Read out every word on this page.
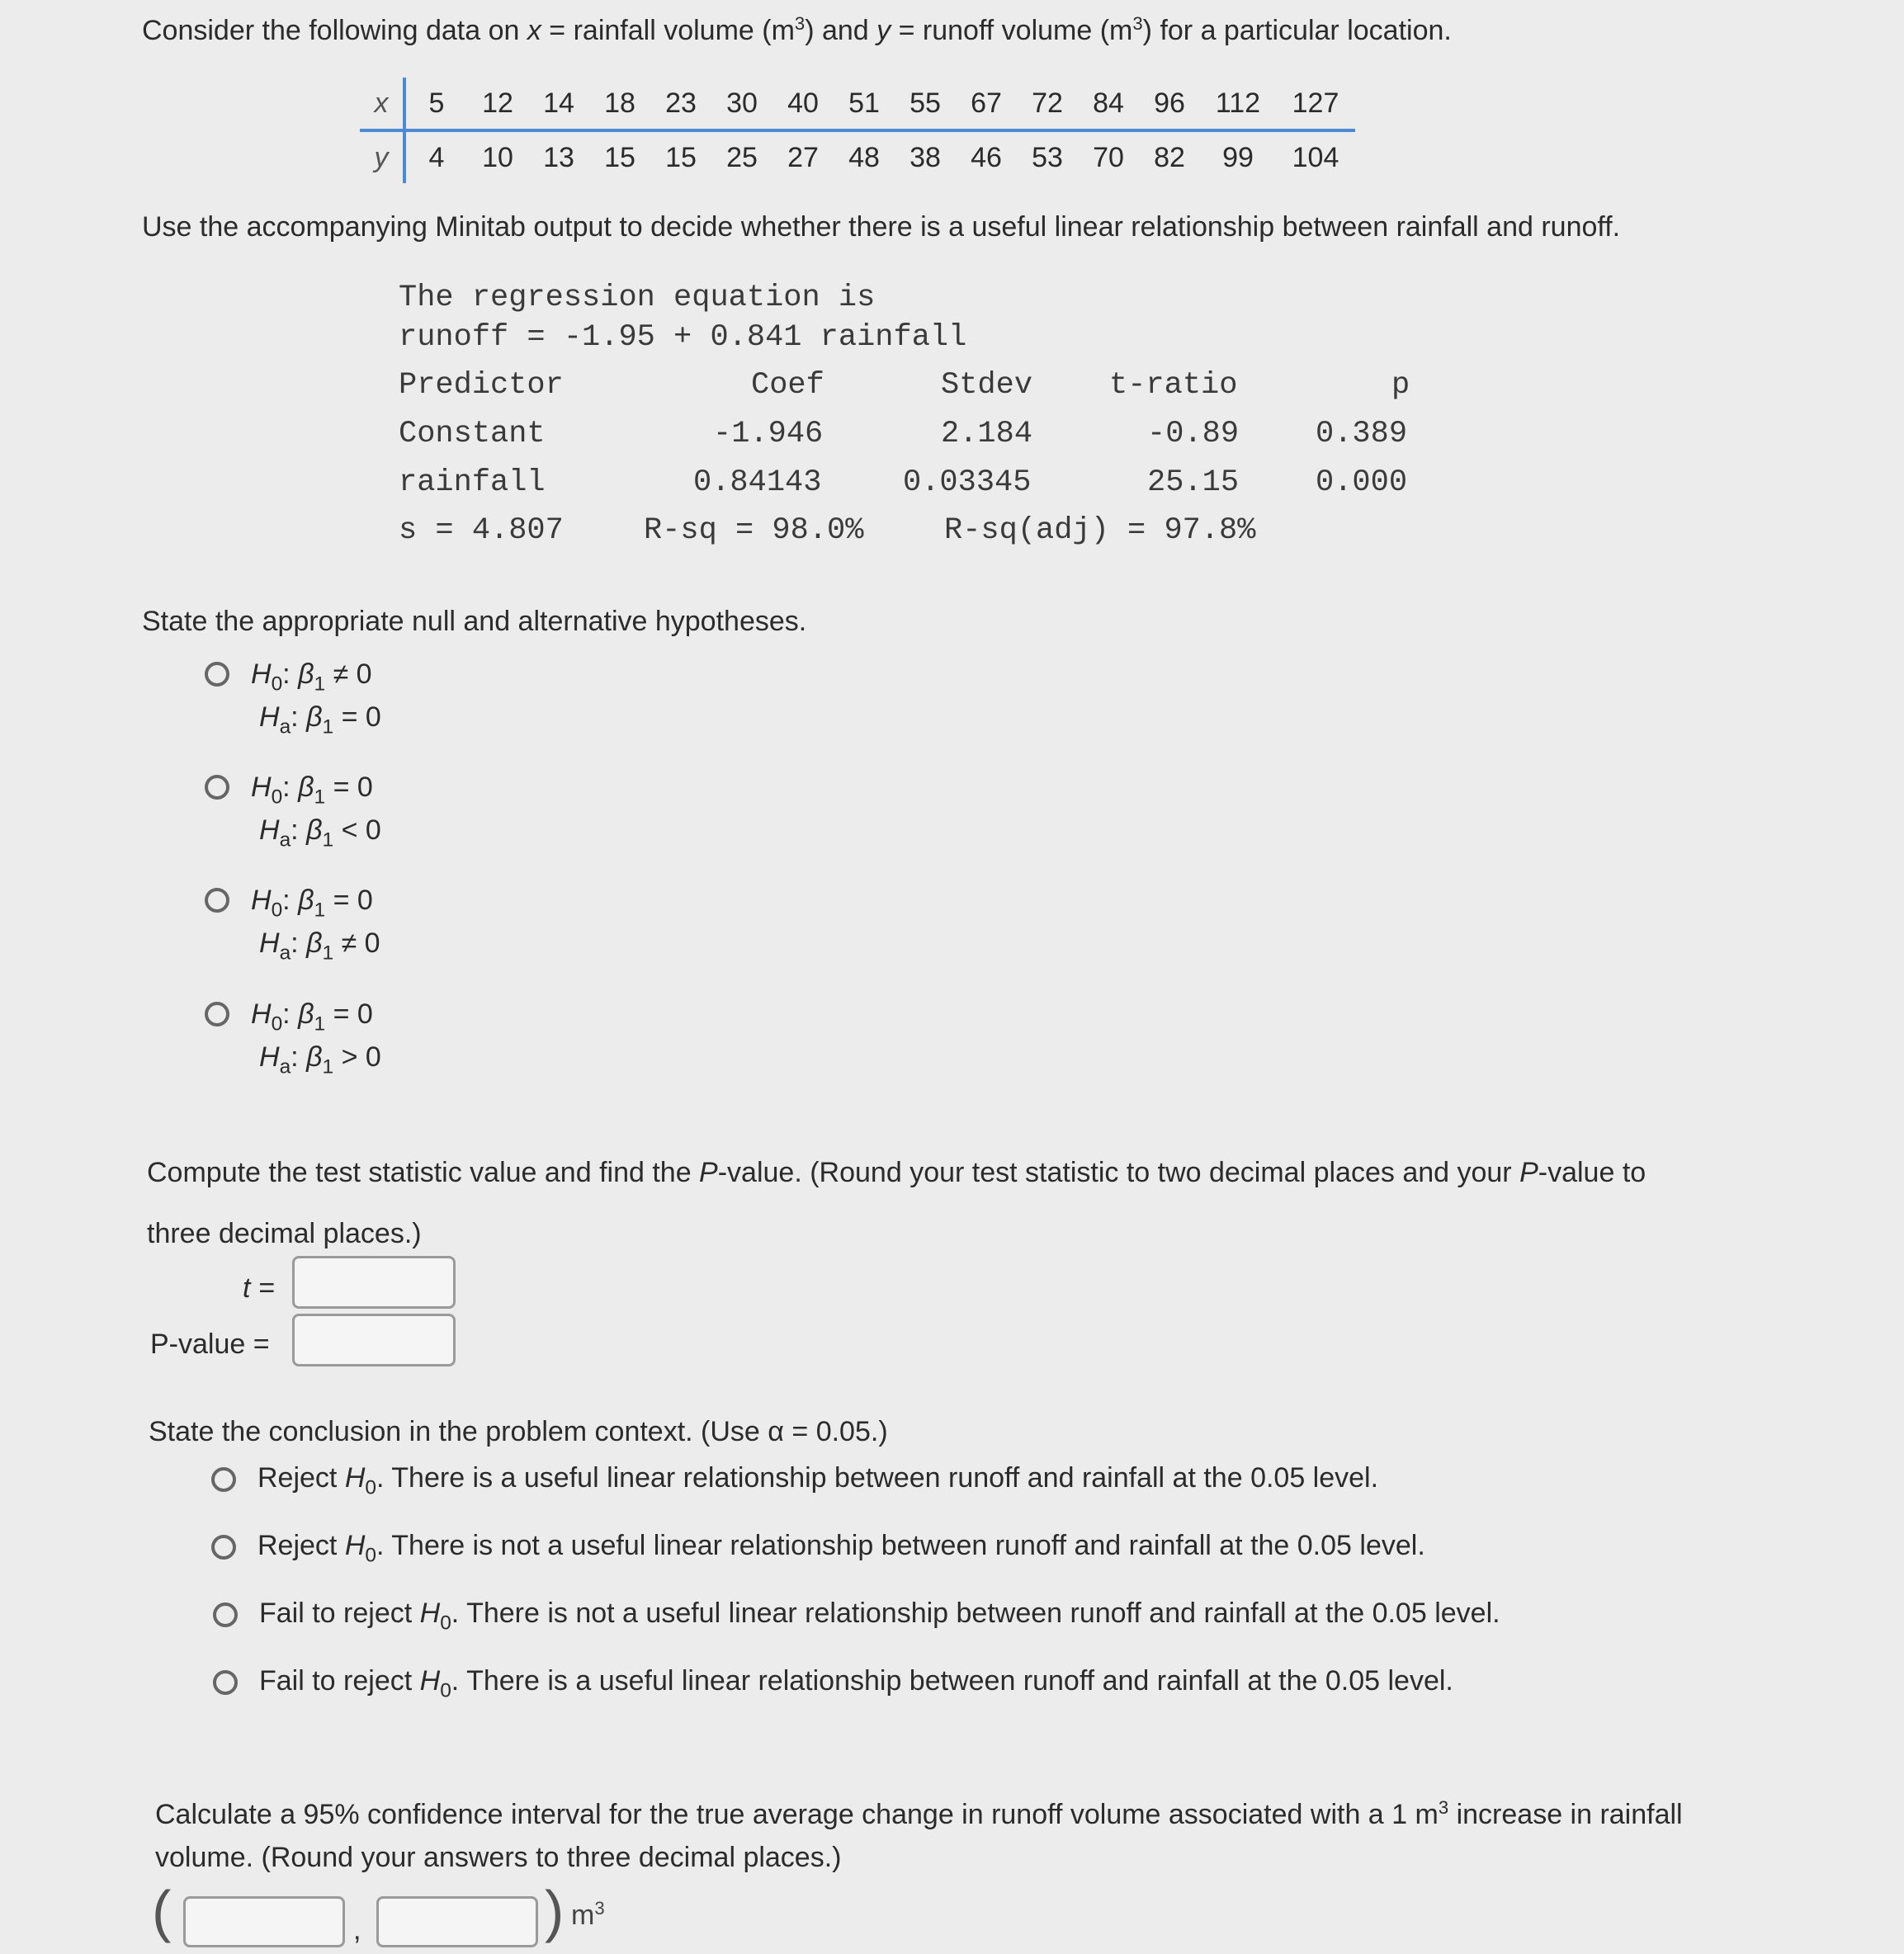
Consider the following data on x = rainfall volume $(m^3)$ and y = runoff volume $(m^3)$ for a particular location.
x	5	12	14	18	23	30	40	51	55	67	72	84	96	112	127
y	4	10	13	15	15	25	27	48	38	46	53	70	82	99	104
Use the accompanying Minitab output to decide whether there is a useful linear relationship between rainfall and runoff.
The regression equation is
runoff = -1.95 + 0.841 rainfall
Predictor	Coef	Stdev	t-ratio	p
Constant	-1.946	2.184	-0.89	0.389
rainfall	0.84143	0.03345	25.15	0.000
s = 4.807	R-sq = 98.0%	R-sq(adj) = 97.8%
State the appropriate null and alternative hypotheses.
$H_0$: $\beta_1 \ne 0$
$H_a$: $\beta_1 = 0$
$H_0$: $\beta_1 = 0$
$H_a$: $\beta_1 < 0$
$H_0$: $\beta_1 = 0$
$H_a$: $\beta_1 \ne 0$
$H_0$: $\beta_1 = 0$
$H_a$: $\beta_1 > 0$
Compute the test statistic value and find the P-value. (Round your test statistic to two decimal places and your P-value to
three decimal places.)
t =
P-value =
State the conclusion in the problem context. (Use α = 0.05.)
Reject $H_0$. There is a useful linear relationship between runoff and rainfall at the 0.05 level.
Reject $H_0$. There is not a useful linear relationship between runoff and rainfall at the 0.05 level.
Fail to reject $H_0$. There is not a useful linear relationship between runoff and rainfall at the 0.05 level.
Fail to reject $H_0$. There is a useful linear relationship between runoff and rainfall at the 0.05 level.
Calculate a 95% confidence interval for the true average change in runoff volume associated with a 1 $m^3$ increase in rainfall
volume. (Round your answers to three decimal places.)
(	,	) $m^3$
